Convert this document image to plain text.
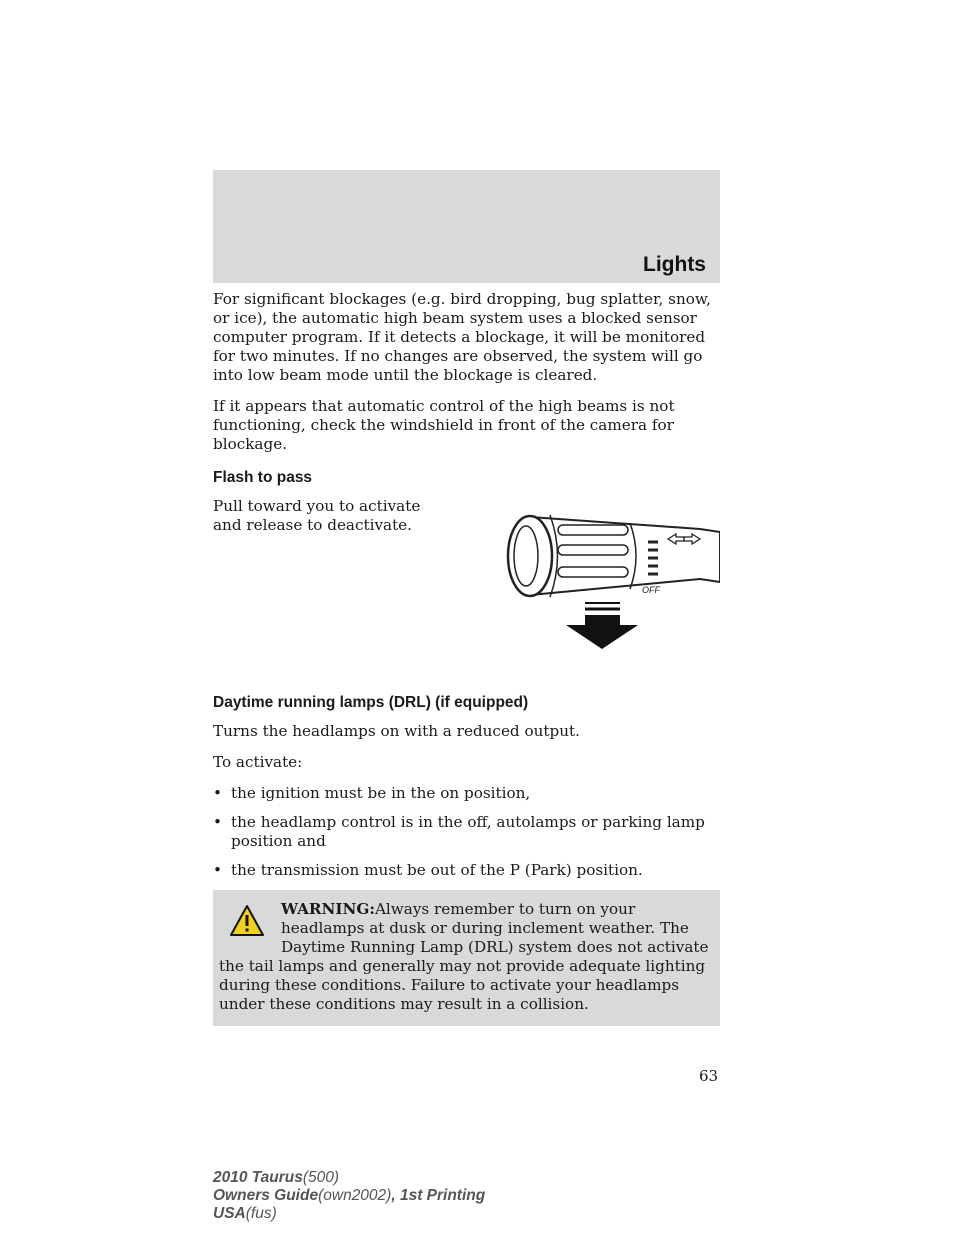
Lights

For significant blockages (e.g. bird dropping, bug splatter, snow, or ice), the automatic high beam system uses a blocked sensor computer program. If it detects a blockage, it will be monitored for two minutes. If no changes are observed, the system will go into low beam mode until the blockage is cleared.

If it appears that automatic control of the high beams is not functioning, check the windshield in front of the camera for blockage.

Flash to pass

Pull toward you to activate and release to deactivate.

OFF
Daytime running lamps (DRL) (if equipped)

Turns the headlamps on with a reduced output.

To activate:

• the ignition must be in the on position,
• the headlamp control is in the off, autolamps or parking lamp position and
• the transmission must be out of the P (Park) position.
WARNING:Always remember to turn on your headlamps at dusk or during inclement weather. The Daytime Running Lamp (DRL) system does not activate the tail lamps and generally may not provide adequate lighting during these conditions. Failure to activate your headlamps under these conditions may result in a collision.
63
2010 Taurus(500)
Owners Guide(own2002), 1st Printing
USA(fus)
